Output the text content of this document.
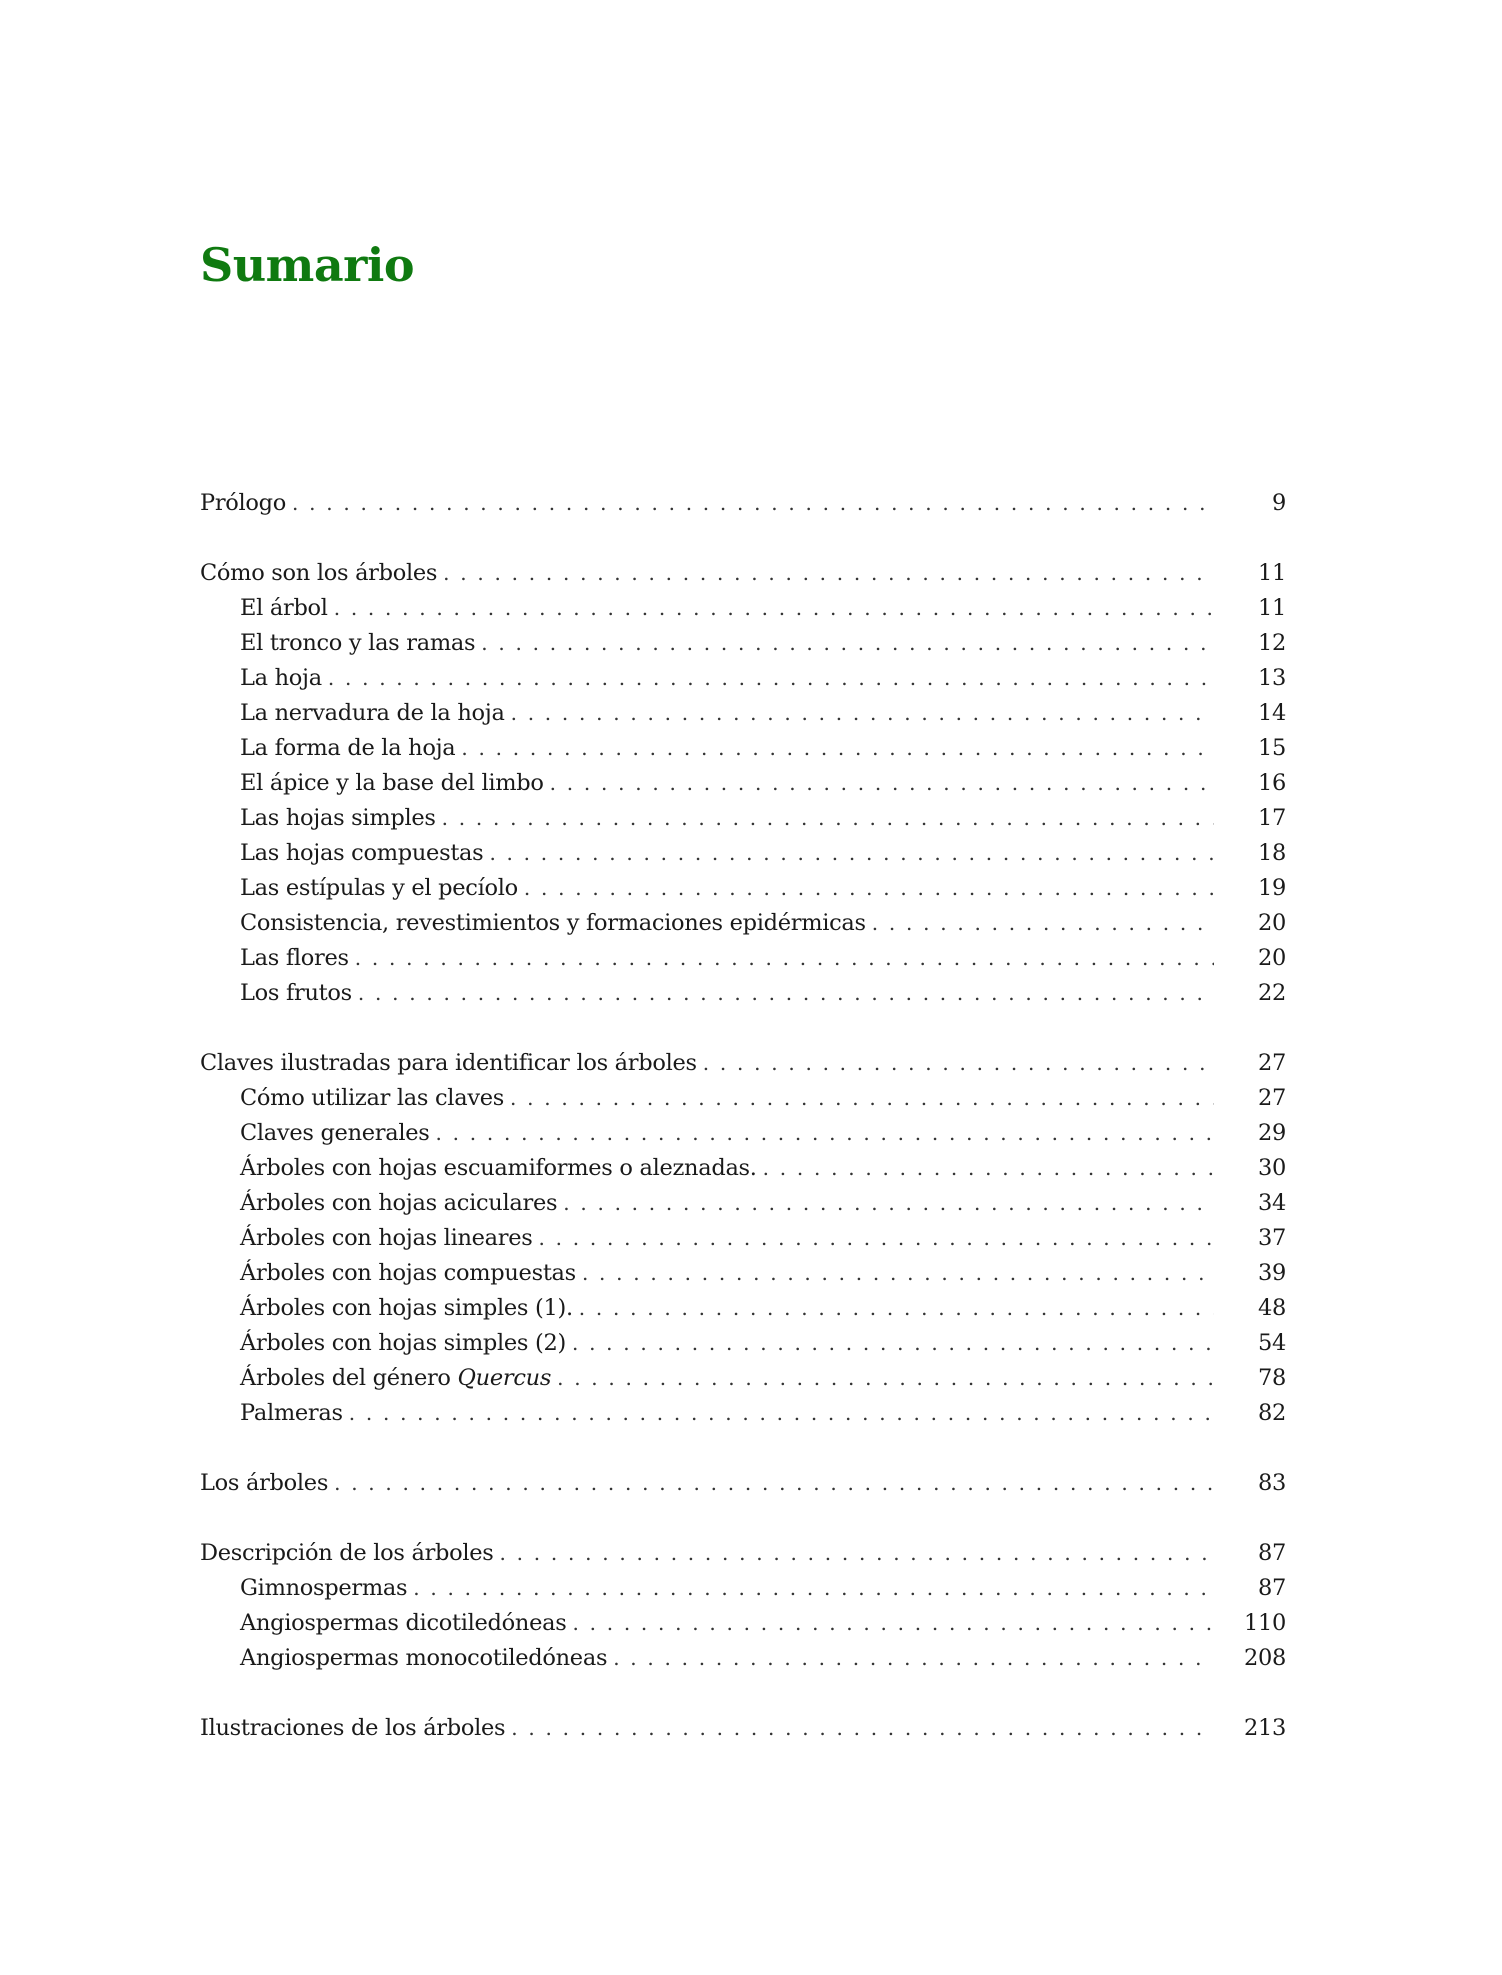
Sumario
Prólogo . . .	9
Cómo son los árboles . . .	11
El árbol . . .	11
El tronco y las ramas . . .	12
La hoja . . .	13
La nervadura de la hoja . . .	14
La forma de la hoja . . .	15
El ápice y la base del limbo . . .	16
Las hojas simples . . .	17
Las hojas compuestas . . .	18
Las estípulas y el pecíolo . . .	19
Consistencia, revestimientos y formaciones epidérmicas . . .	20
Las flores . . .	20
Los frutos . . .	22
Claves ilustradas para identificar los árboles . . .	27
Cómo utilizar las claves . . .	27
Claves generales . . .	29
Árboles con hojas escuamiformes o aleznadas. . . .	30
Árboles con hojas aciculares . . .	34
Árboles con hojas lineares . . .	37
Árboles con hojas compuestas . . .	39
Árboles con hojas simples (1). . . .	48
Árboles con hojas simples (2) . . .	54
Árboles del género Quercus . . .	78
Palmeras . . .	82
Los árboles . . .	83
Descripción de los árboles . . .	87
Gimnospermas . . .	87
Angiospermas dicotiledóneas . . .	110
Angiospermas monocotiledóneas . . .	208
Ilustraciones de los árboles . . .	213
